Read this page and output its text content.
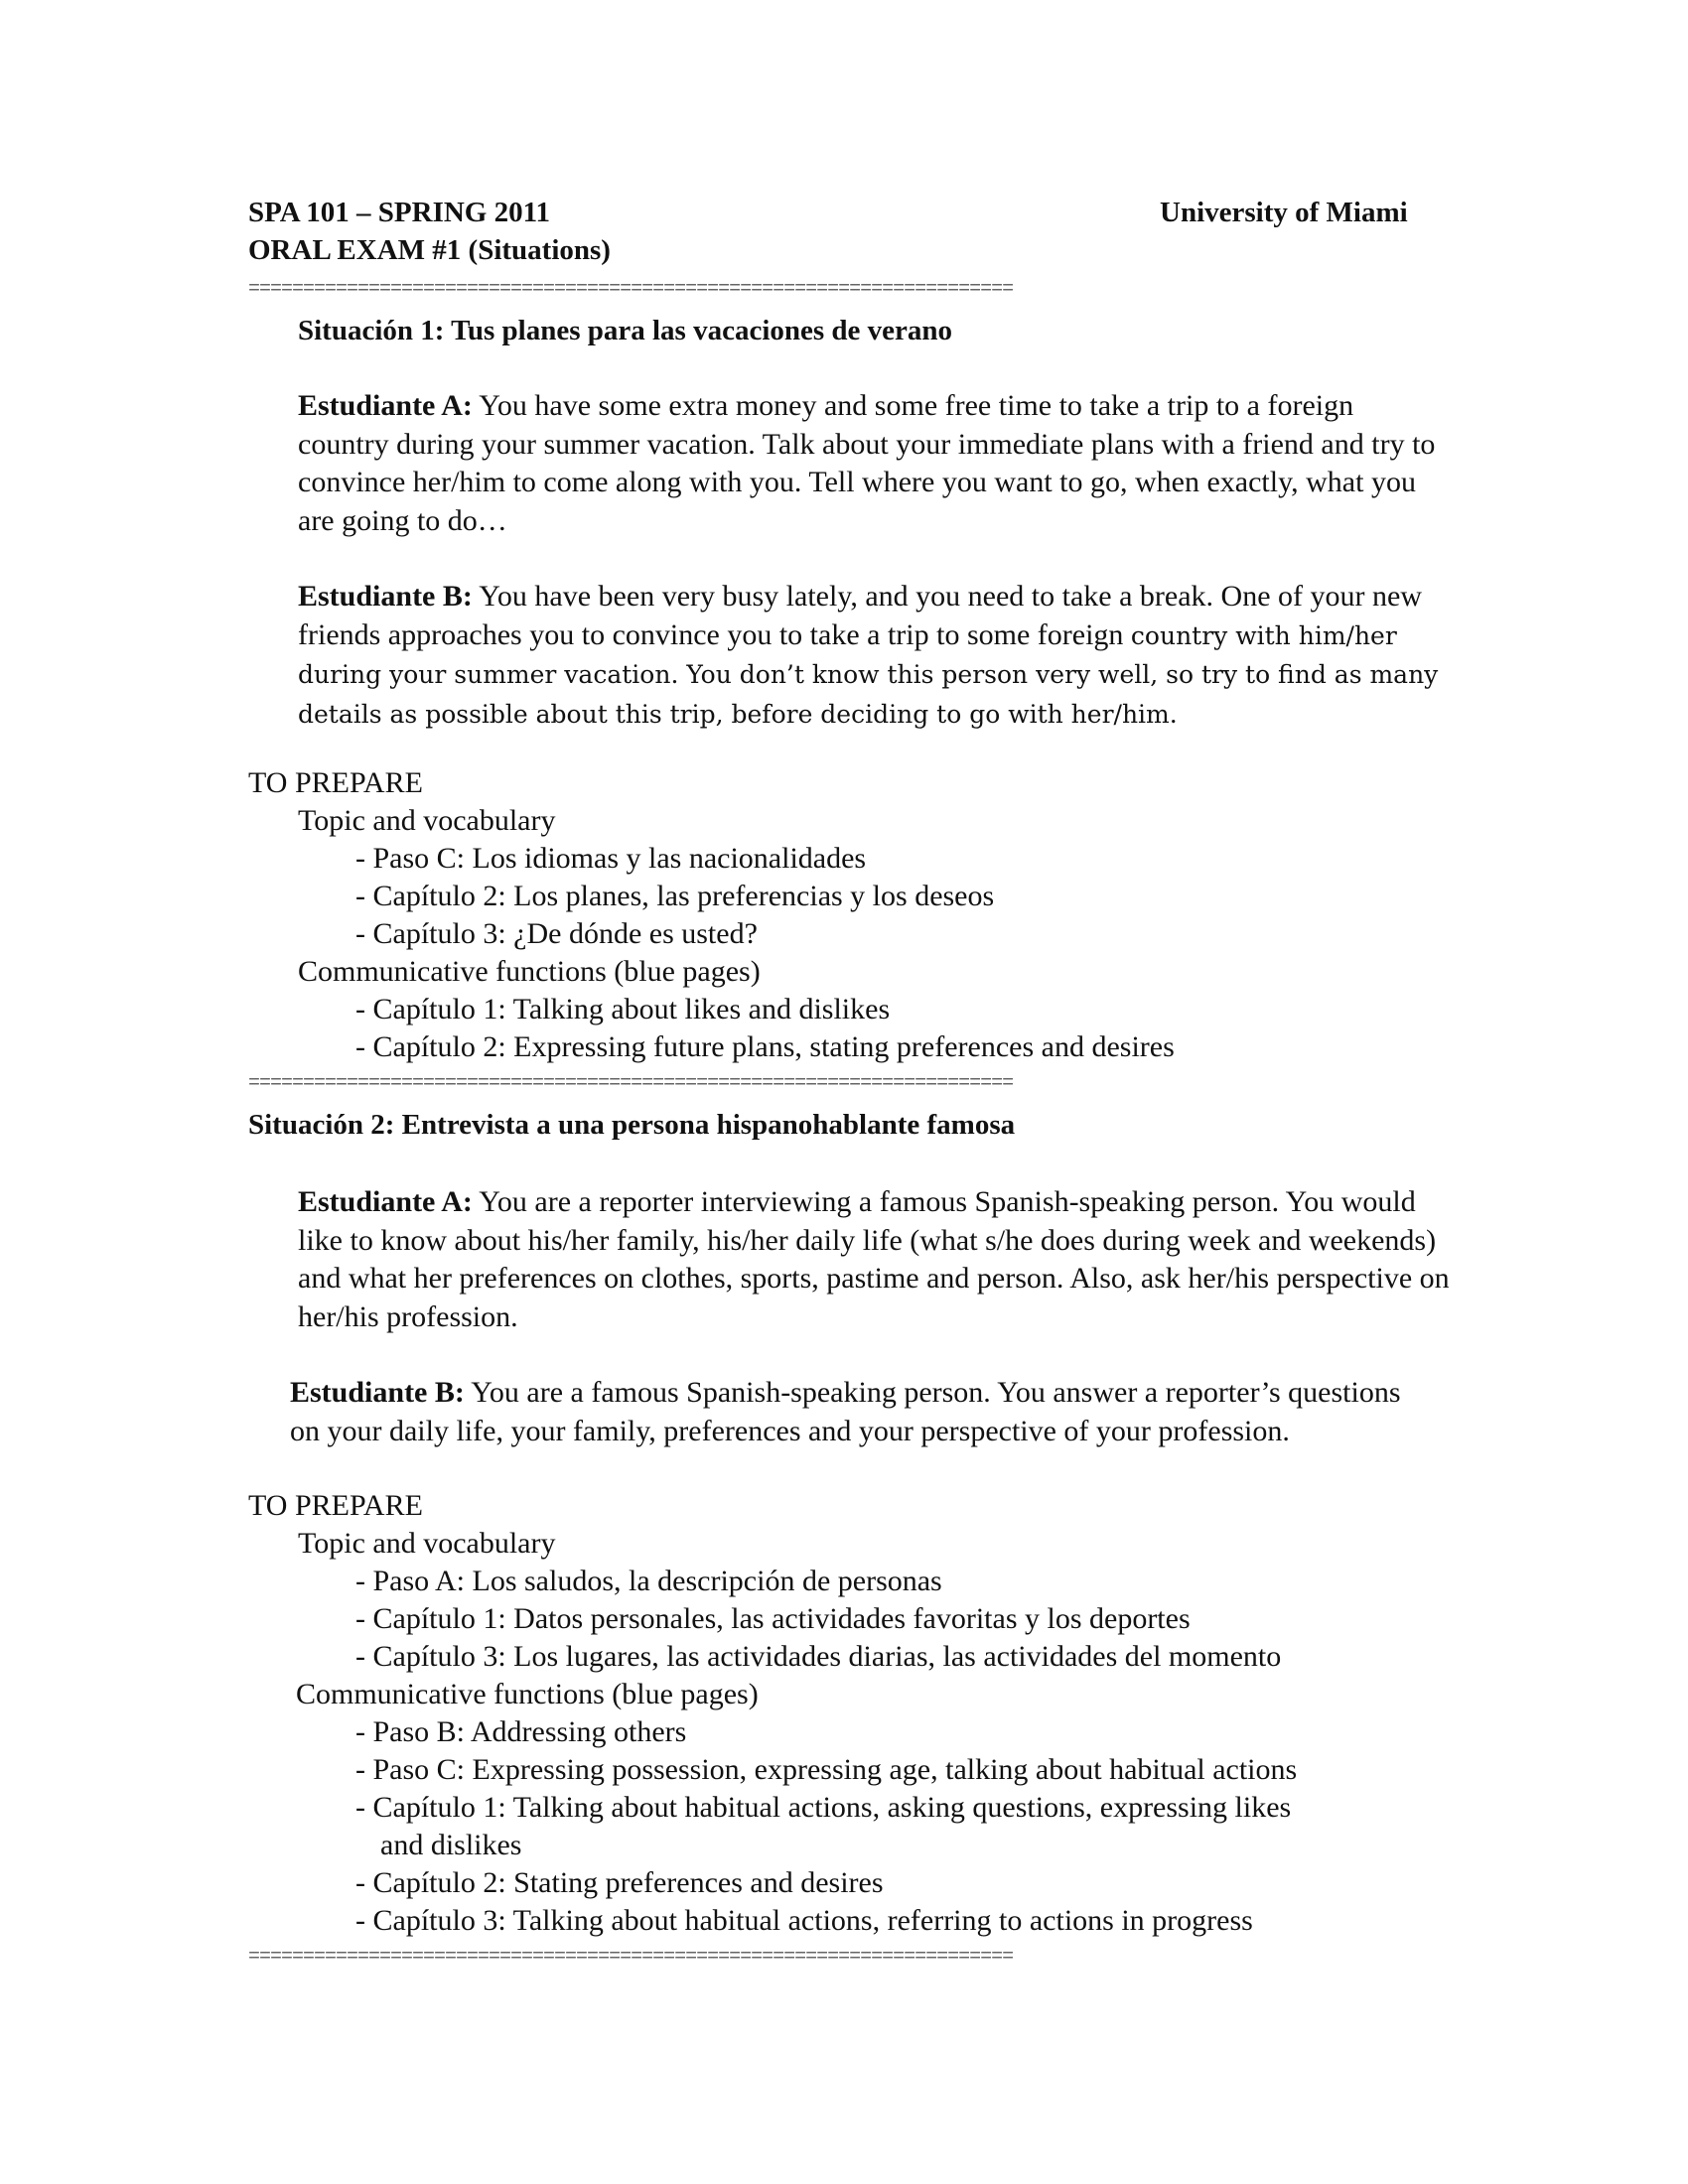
SPA 101 – SPRING 2011
ORAL EXAM #1 (Situations)
University of Miami
======================================================================
Situación 1: Tus planes para las vacaciones de verano
Estudiante A: You have some extra money and some free time to take a trip to a foreign country during your summer vacation. Talk about your immediate plans with a friend and try to convince her/him to come along with you. Tell where you want to go, when exactly, what you are going to do…
Estudiante B: You have been very busy lately, and you need to take a break. One of your new friends approaches you to convince you to take a trip to some foreign country with him/her during your summer vacation. You don’t know this person very well, so try to find as many details as possible about this trip, before deciding to go with her/him.
TO PREPARE
Topic and vocabulary
- Paso C: Los idiomas y las nacionalidades
- Capítulo 2: Los planes, las preferencias y los deseos
- Capítulo 3: ¿De dónde es usted?
Communicative functions (blue pages)
- Capítulo 1: Talking about likes and dislikes
- Capítulo 2: Expressing future plans, stating preferences and desires
======================================================================
Situación 2: Entrevista a una persona hispanohablante famosa
Estudiante A: You are a reporter interviewing a famous Spanish-speaking person. You would like to know about his/her family, his/her daily life (what s/he does during week and weekends) and what her preferences on clothes, sports, pastime and person. Also, ask her/his perspective on her/his profession.
Estudiante B: You are a famous Spanish-speaking person. You answer a reporter’s questions on your daily life, your family, preferences and your perspective of your profession.
TO PREPARE
Topic and vocabulary
- Paso A: Los saludos, la descripción de personas
- Capítulo 1: Datos personales, las actividades favoritas y los deportes
- Capítulo 3: Los lugares, las actividades diarias, las actividades del momento
Communicative functions (blue pages)
- Paso B: Addressing others
- Paso C: Expressing possession, expressing age, talking about habitual actions
- Capítulo 1: Talking about habitual actions, asking questions, expressing likes
and dislikes
- Capítulo 2: Stating preferences and desires
- Capítulo 3: Talking about habitual actions, referring to actions in progress
======================================================================
